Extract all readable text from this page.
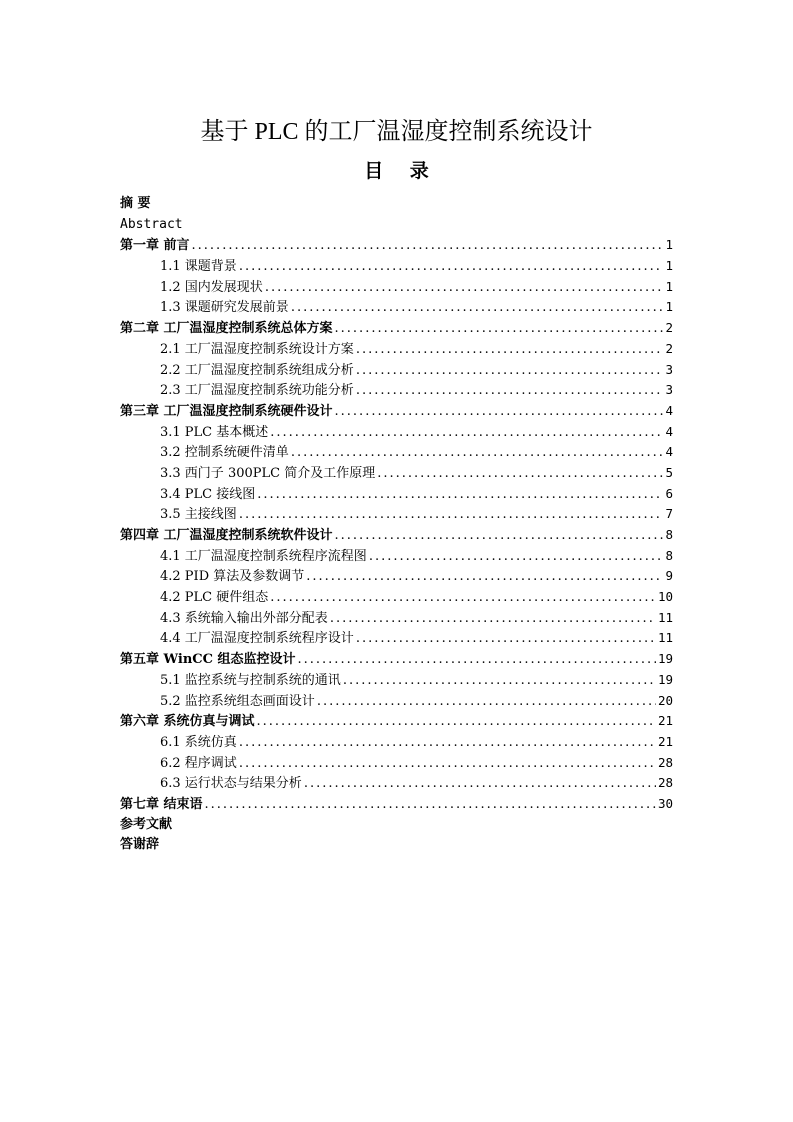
基于 PLC 的工厂温湿度控制系统设计
目 录
摘 要
Abstract
第一章 前言 .....	1
1.1 课题背景 .....	1
1.2 国内发展现状 .....	1
1.3 课题研究发展前景 .....	1
第二章 工厂温湿度控制系统总体方案 .....	2
2.1 工厂温湿度控制系统设计方案 .....	2
2.2 工厂温湿度控制系统组成分析 .....	3
2.3 工厂温湿度控制系统功能分析 .....	3
第三章 工厂温湿度控制系统硬件设计 .....	4
3.1 PLC 基本概述 .....	4
3.2 控制系统硬件清单 .....	4
3.3 西门子 300PLC 简介及工作原理 .....	5
3.4 PLC 接线图 .....	6
3.5 主接线图 .....	7
第四章 工厂温湿度控制系统软件设计 .....	8
4.1 工厂温湿度控制系统程序流程图 .....	8
4.2 PID 算法及参数调节 .....	9
4.2 PLC 硬件组态 .....	10
4.3 系统输入输出外部分配表 .....	11
4.4 工厂温湿度控制系统程序设计 .....	11
第五章 WinCC 组态监控设计 .....	19
5.1 监控系统与控制系统的通讯 .....	19
5.2 监控系统组态画面设计 .....	20
第六章 系统仿真与调试 .....	21
6.1 系统仿真 .....	21
6.2 程序调试 .....	28
6.3 运行状态与结果分析 .....	28
第七章 结束语 .....	30
参考文献
答谢辞
